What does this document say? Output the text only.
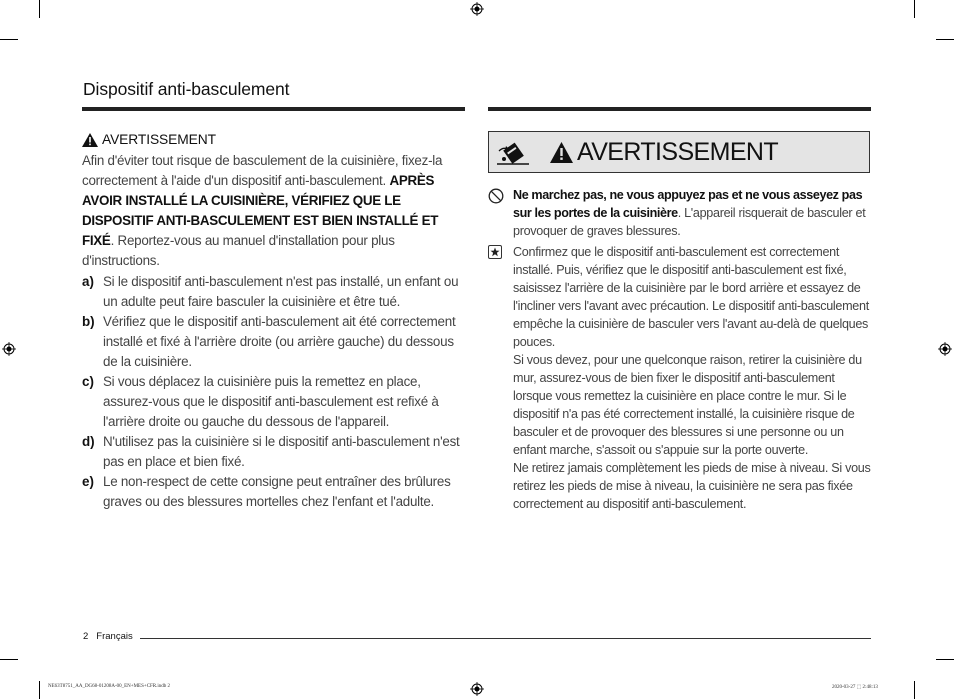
Dispositif anti-basculement
AVERTISSEMENT
Afin d'éviter tout risque de basculement de la cuisinière, fixez-la correctement à l'aide d'un dispositif anti-basculement. APRÈS AVOIR INSTALLÉ LA CUISINIÈRE, VÉRIFIEZ QUE LE DISPOSITIF ANTI-BASCULEMENT EST BIEN INSTALLÉ ET FIXÉ. Reportez-vous au manuel d'installation pour plus d'instructions.
a) Si le dispositif anti-basculement n'est pas installé, un enfant ou un adulte peut faire basculer la cuisinière et être tué.
b) Vérifiez que le dispositif anti-basculement ait été correctement installé et fixé à l'arrière droite (ou arrière gauche) du dessous de la cuisinière.
c) Si vous déplacez la cuisinière puis la remettez en place, assurez-vous que le dispositif anti-basculement est refixé à l'arrière droite ou gauche du dessous de l'appareil.
d) N'utilisez pas la cuisinière si le dispositif anti-basculement n'est pas en place et bien fixé.
e) Le non-respect de cette consigne peut entraîner des brûlures graves ou des blessures mortelles chez l'enfant et l'adulte.
AVERTISSEMENT
Ne marchez pas, ne vous appuyez pas et ne vous asseyez pas sur les portes de la cuisinière. L'appareil risquerait de basculer et provoquer de graves blessures.
Confirmez que le dispositif anti-basculement est correctement installé. Puis, vérifiez que le dispositif anti-basculement est fixé, saisissez l'arrière de la cuisinière par le bord arrière et essayez de l'incliner vers l'avant avec précaution. Le dispositif anti-basculement empêche la cuisinière de basculer vers l'avant au-delà de quelques pouces.
Si vous devez, pour une quelconque raison, retirer la cuisinière du mur, assurez-vous de bien fixer le dispositif anti-basculement lorsque vous remettez la cuisinière en place contre le mur. Si le dispositif n'a pas été correctement installé, la cuisinière risque de basculer et de provoquer des blessures si une personne ou un enfant marche, s'assoit ou s'appuie sur la porte ouverte.
Ne retirez jamais complètement les pieds de mise à niveau. Si vous retirez les pieds de mise à niveau, la cuisinière ne sera pas fixée correctement au dispositif anti-basculement.
2 Français
NE63T8751_AA_DG68-01208A-00_EN+MES+CFR.indb 2	2020-03-27 ⬚ 2:48:13
